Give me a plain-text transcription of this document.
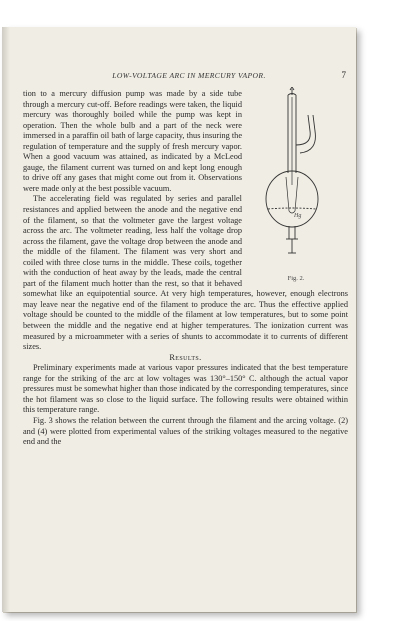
LOW-VOLTAGE ARC IN MERCURY VAPOR.	7
Hg
Fig. 2.

tion to a mercury diffusion pump was made by a side tube through a mercury cut-off. Before readings were taken, the liquid mercury was thoroughly boiled while the pump was kept in operation. Then the whole bulb and a part of the neck were immersed in a paraffin oil bath of large capacity, thus insuring the regulation of temperature and the supply of fresh mercury vapor. When a good vacuum was attained, as indicated by a McLeod gauge, the filament current was turned on and kept long enough to drive off any gases that might come out from it. Observations were made only at the best possible vacuum.

The accelerating field was regulated by series and parallel resistances and applied between the anode and the negative end of the filament, so that the voltmeter gave the largest voltage across the arc. The voltmeter reading, less half the voltage drop across the filament, gave the voltage drop between the anode and the middle of the filament. The filament was very short and coiled with three close turns in the middle. These coils, together with the conduction of heat away by the leads, made the central part of the filament much hotter than the rest, so that it behaved somewhat like an equipotential source. At very high temperatures, however, enough electrons may leave near the negative end of the filament to produce the arc. Thus the effective applied voltage should be counted to the middle of the filament at low temperatures, but to some point between the middle and the negative end at higher temperatures. The ionization current was measured by a microammeter with a series of shunts to accommodate it to currents of different sizes.

Results.

Preliminary experiments made at various vapor pressures indicated that the best temperature range for the striking of the arc at low voltages was 130°–150° C. although the actual vapor pressures must be somewhat higher than those indicated by the corresponding temperatures, since the hot filament was so close to the liquid surface. The following results were obtained within this temperature range.

Fig. 3 shows the relation between the current through the filament and the arcing voltage. (2) and (4) were plotted from experimental values of the striking voltages measured to the negative end and the
